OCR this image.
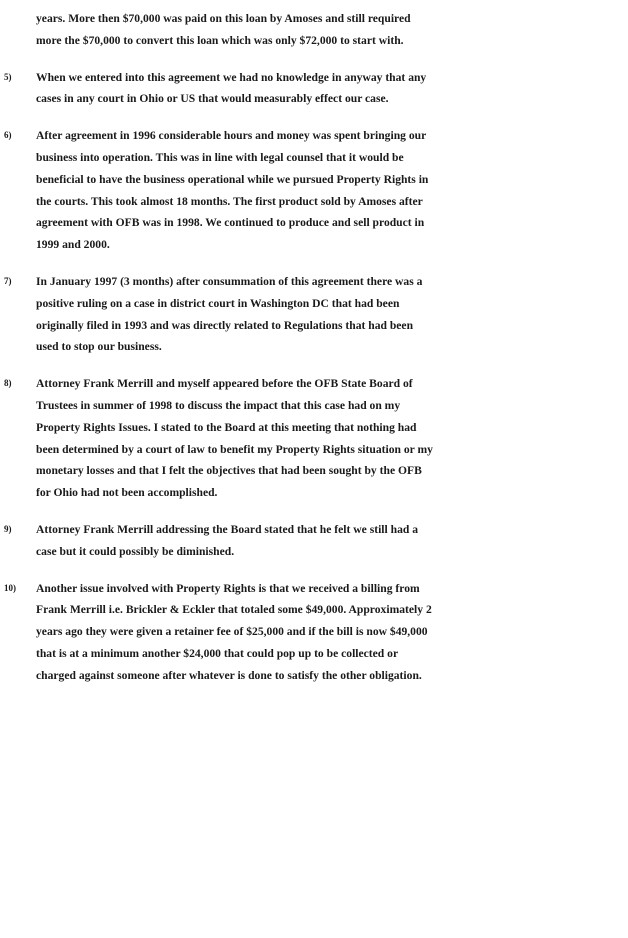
years. More then $70,000 was paid on this loan by Amoses and still required
more the $70,000 to convert this loan which was only $72,000 to start with.
5)	When we entered into this agreement we had no knowledge in anyway that any
cases in any court in Ohio or US that would measurably effect our case.
6)	After agreement in 1996 considerable hours and money was spent bringing our
business into operation. This was in line with legal counsel that it would be
beneficial to have the business operational while we pursued Property Rights in
the courts. This took almost 18 months. The first product sold by Amoses after
agreement with OFB was in 1998. We continued to produce and sell product in
1999 and 2000.
7)	In January 1997 (3 months) after consummation of this agreement there was a
positive ruling on a case in district court in Washington DC that had been
originally filed in 1993 and was directly related to Regulations that had been
used to stop our business.
8)	Attorney Frank Merrill and myself appeared before the OFB State Board of
Trustees in summer of 1998 to discuss the impact that this case had on my
Property Rights Issues. I stated to the Board at this meeting that nothing had
been determined by a court of law to benefit my Property Rights situation or my
monetary losses and that I felt the objectives that had been sought by the OFB
for Ohio had not been accomplished.
9)	Attorney Frank Merrill addressing the Board stated that he felt we still had a
case but it could possibly be diminished.
10)	Another issue involved with Property Rights is that we received a billing from
Frank Merrill i.e. Brickler & Eckler that totaled some $49,000. Approximately 2
years ago they were given a retainer fee of $25,000 and if the bill is now $49,000
that is at a minimum another $24,000 that could pop up to be collected or
charged against someone after whatever is done to satisfy the other obligation.
